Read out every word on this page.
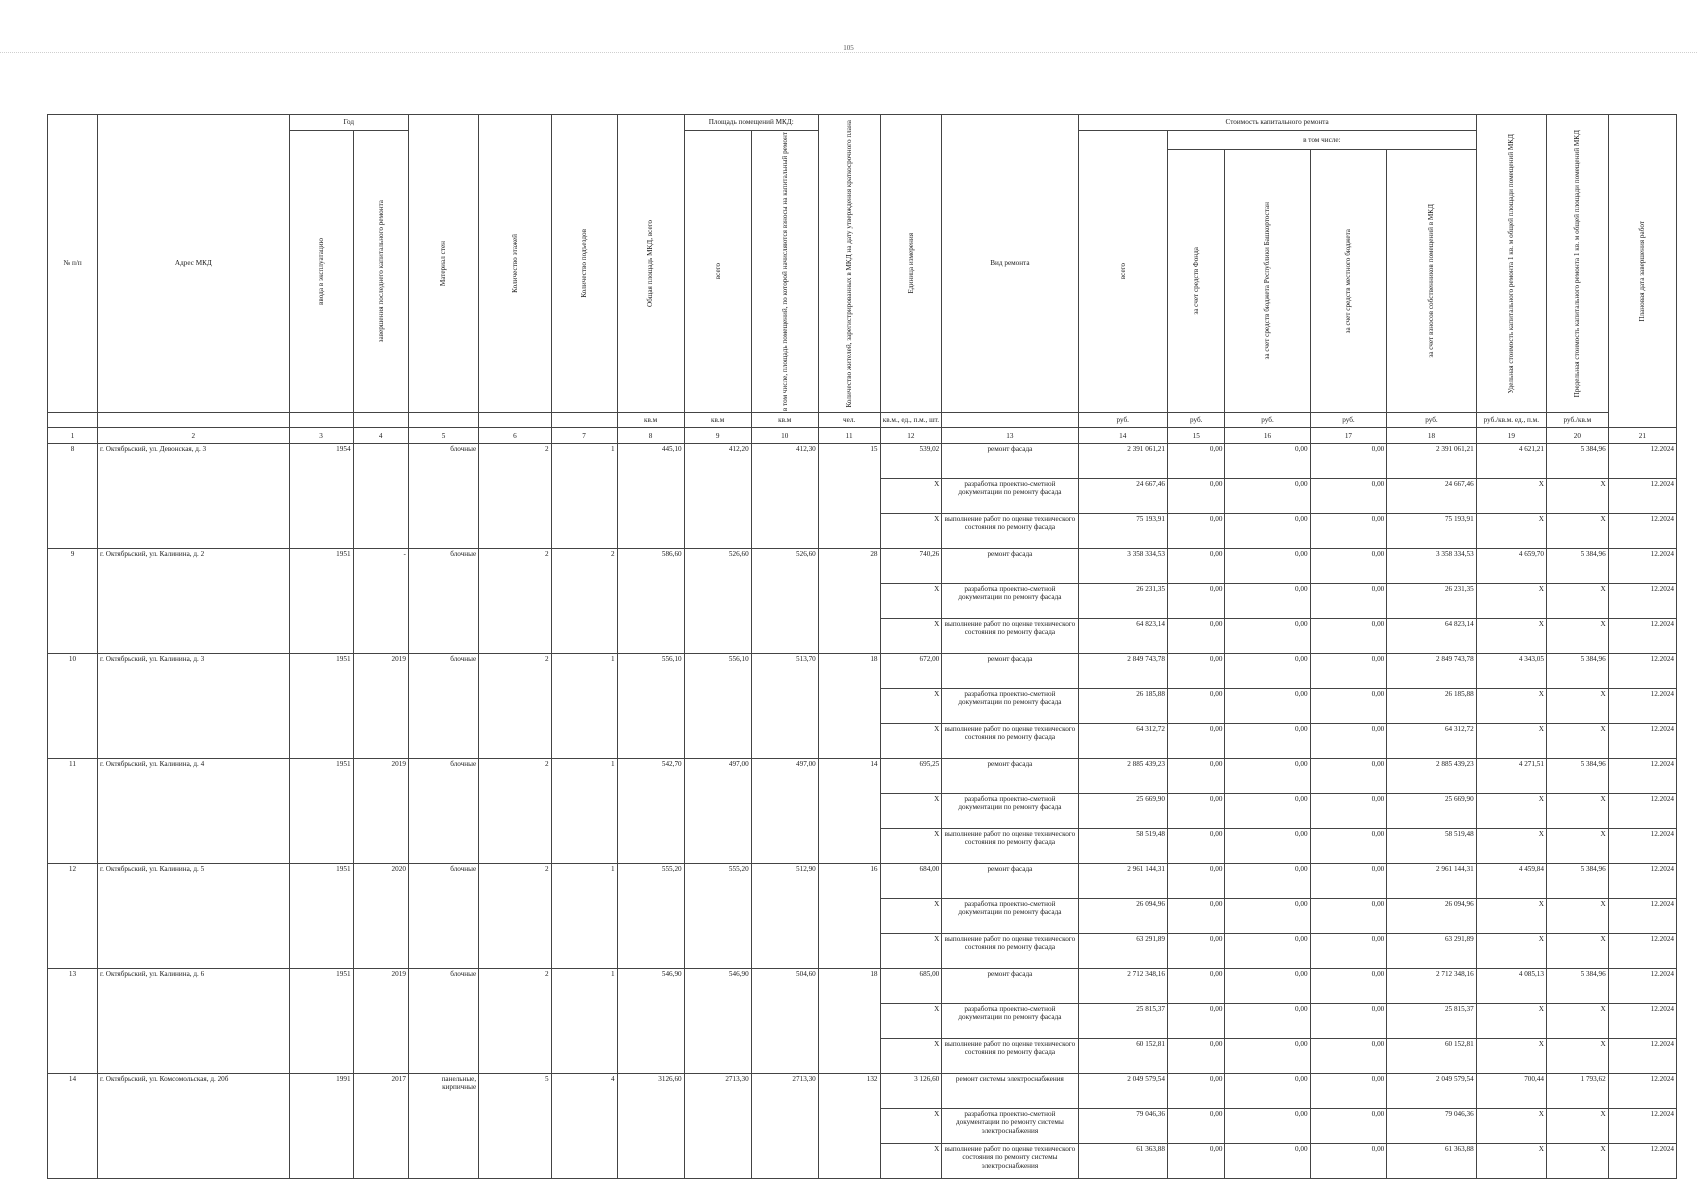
105
№ п/п	Адрес МКД	Год		Материал стен	Количество этажей	Количество подъездов	Общая площадь МКД, всего	Площадь помещений МКД:		Количество жителей, зарегистрированных в МКД на дату утверждения краткосрочного плана	Единица измерения	Вид ремонта	Стоимость капитального ремонта					Удельная стоимость капитального ремонта 1 кв. м общей площади помещений МКД	Предельная стоимость капитального ремонта 1 кв. м общей площади помещений МКД	Плановая дата завершения работ

		ввода в эксплуатацию	завершения последнего капитального ремонта					всего	в том числе, площадь помещений, по которой начисляются взносы на капитальный ремонт				всего	в том числе:						

														за счет средств Фонда	за счет средств бюджета Республики Башкортостан	за счет средств местного бюджета	за счет взносов собственников помещений в МКД			

							кв.м	кв.м	кв.м	чел.	кв.м., ед., п.м., шт.		руб.	руб.	руб.	руб.	руб.	руб./кв.м. ед., п.м.	руб./кв.м	
1	2	3	4	5	6	7	8	9	10	11	12	13	14	15	16	17	18	19	20	21
8	г. Октябрьский, ул. Девонская, д. 3	1954		блочные	2	1	445,10	412,20	412,30	15	539,02	ремонт фасада	2 391 061,21	0,00	0,00	0,00	2 391 061,21	4 621,21	5 384,96	12.2024
											X	разработка проектно-сметной документации по ремонту фасада	24 667,46	0,00	0,00	0,00	24 667,46	X	X	12.2024
											X	выполнение работ по оценке технического состояния по ремонту фасада	75 193,91	0,00	0,00	0,00	75 193,91	X	X	12.2024
9	г. Октябрьский, ул. Калинина, д. 2	1951	-	блочные	2	2	586,60	526,60	526,60	28	740,26	ремонт фасада	3 358 334,53	0,00	0,00	0,00	3 358 334,53	4 659,70	5 384,96	12.2024
											X	разработка проектно-сметной документации по ремонту фасада	26 231,35	0,00	0,00	0,00	26 231,35	X	X	12.2024
											X	выполнение работ по оценке технического состояния по ремонту фасада	64 823,14	0,00	0,00	0,00	64 823,14	X	X	12.2024
10	г. Октябрьский, ул. Калинина, д. 3	1951	2019	блочные	2	1	556,10	556,10	513,70	18	672,00	ремонт фасада	2 849 743,78	0,00	0,00	0,00	2 849 743,78	4 343,05	5 384,96	12.2024
											X	разработка проектно-сметной документации по ремонту фасада	26 185,88	0,00	0,00	0,00	26 185,88	X	X	12.2024
											X	выполнение работ по оценке технического состояния по ремонту фасада	64 312,72	0,00	0,00	0,00	64 312,72	X	X	12.2024
11	г. Октябрьский, ул. Калинина, д. 4	1951	2019	блочные	2	1	542,70	497,00	497,00	14	695,25	ремонт фасада	2 885 439,23	0,00	0,00	0,00	2 885 439,23	4 271,51	5 384,96	12.2024
											X	разработка проектно-сметной документации по ремонту фасада	25 669,90	0,00	0,00	0,00	25 669,90	X	X	12.2024
											X	выполнение работ по оценке технического состояния по ремонту фасада	58 519,48	0,00	0,00	0,00	58 519,48	X	X	12.2024
12	г. Октябрьский, ул. Калинина, д. 5	1951	2020	блочные	2	1	555,20	555,20	512,90	16	684,00	ремонт фасада	2 961 144,31	0,00	0,00	0,00	2 961 144,31	4 459,84	5 384,96	12.2024
											X	разработка проектно-сметной документации по ремонту фасада	26 094,96	0,00	0,00	0,00	26 094,96	X	X	12.2024
											X	выполнение работ по оценке технического состояния по ремонту фасада	63 291,89	0,00	0,00	0,00	63 291,89	X	X	12.2024
13	г. Октябрьский, ул. Калинина, д. 6	1951	2019	блочные	2	1	546,90	546,90	504,60	18	685,00	ремонт фасада	2 712 348,16	0,00	0,00	0,00	2 712 348,16	4 085,13	5 384,96	12.2024
											X	разработка проектно-сметной документации по ремонту фасада	25 815,37	0,00	0,00	0,00	25 815,37	X	X	12.2024
											X	выполнение работ по оценке технического состояния по ремонту фасада	60 152,81	0,00	0,00	0,00	60 152,81	X	X	12.2024
14	г. Октябрьский, ул. Комсомольская, д. 20б	1991	2017	панельные, кирпичные	5	4	3126,60	2713,30	2713,30	132	3 126,60	ремонт системы электроснабжения	2 049 579,54	0,00	0,00	0,00	2 049 579,54	700,44	1 793,62	12.2024
											X	разработка проектно-сметной документации по ремонту системы электроснабжения	79 046,36	0,00	0,00	0,00	79 046,36	X	X	12.2024
											X	выполнение работ по оценке технического состояния по ремонту системы электроснабжения	61 363,88	0,00	0,00	0,00	61 363,88	X	X	12.2024
